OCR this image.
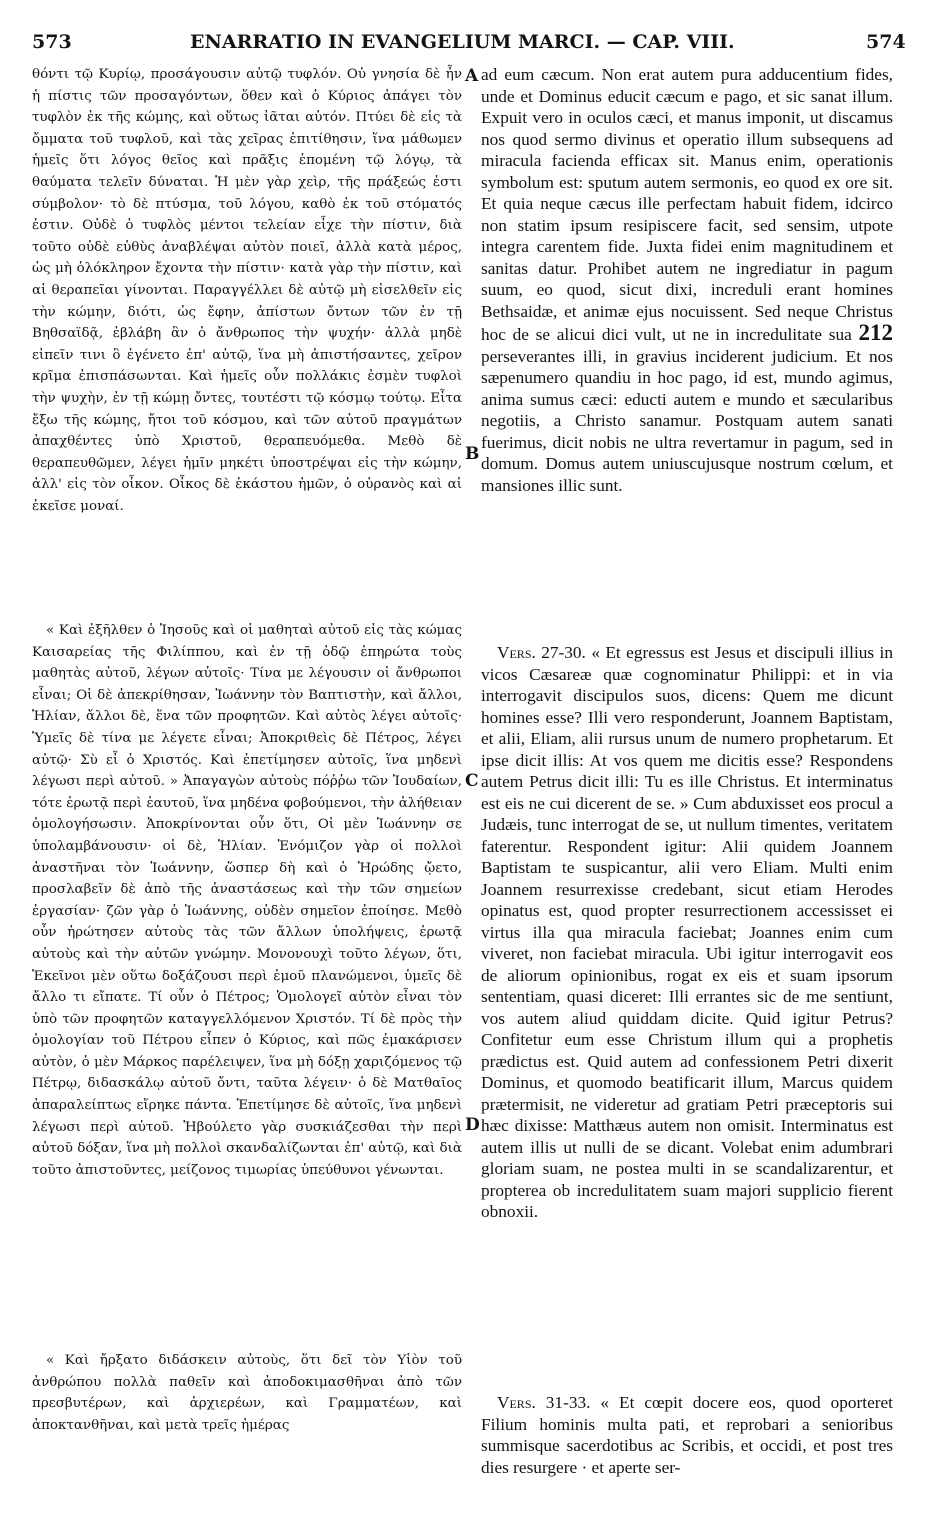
573	ENARRATIO IN EVANGELIUM MARCI. — CAP. VIII.	574

θόντι τῷ Κυρίῳ, προσάγουσιν αὐτῷ τυφλόν. Οὐ γνησία δὲ ἦν ἡ πίστις τῶν προσαγόντων, ὅθεν καὶ ὁ Κύριος ἀπάγει τὸν τυφλὸν ἐκ τῆς κώμης, καὶ οὕτως ἰᾶται αὐτόν. Πτύει δὲ εἰς τὰ ὄμματα τοῦ τυφλοῦ, καὶ τὰς χεῖρας ἐπιτίθησιν, ἵνα μάθωμεν ἡμεῖς ὅτι λόγος θεῖος καὶ πρᾶξις ἑπομένη τῷ λόγῳ, τὰ θαύματα τελεῖν δύναται. Ἡ μὲν γὰρ χεὶρ, τῆς πράξεώς ἐστι σύμβολον· τὸ δὲ πτύσμα, τοῦ λόγου, καθὸ ἐκ τοῦ στόματός ἐστιν. Οὐδὲ ὁ τυφλὸς μέντοι τελείαν εἶχε τὴν πίστιν, διὰ τοῦτο οὐδὲ εὐθὺς ἀναβλέψαι αὐτὸν ποιεῖ, ἀλλὰ κατὰ μέρος, ὡς μὴ ὁλόκληρον ἔχοντα τὴν πίστιν· κατὰ γὰρ τὴν πίστιν, καὶ αἱ θεραπεῖαι γίνονται. Παραγγέλλει δὲ αὐτῷ μὴ εἰσελθεῖν εἰς τὴν κώμην, διότι, ὡς ἔφην, ἀπίστων ὄντων τῶν ἐν τῇ Βηθσαϊδᾷ, ἐβλάβη ἂν ὁ ἄνθρωπος τὴν ψυχήν· ἀλλὰ μηδὲ εἰπεῖν τινι ὃ ἐγένετο ἐπ' αὐτῷ, ἵνα μὴ ἀπιστήσαντες, χεῖρον κρῖμα ἐπισπάσωνται. Καὶ ἡμεῖς οὖν πολλάκις ἐσμὲν τυφλοὶ τὴν ψυχὴν, ἐν τῇ κώμῃ ὄντες, τουτέστι τῷ κόσμῳ τούτῳ. Εἶτα ἔξω τῆς κώμης, ἤτοι τοῦ κόσμου, καὶ τῶν αὐτοῦ πραγμάτων ἀπαχθέντες ὑπὸ Χριστοῦ, θεραπευόμεθα. Μεθὸ δὲ θεραπευθῶμεν, λέγει ἡμῖν μηκέτι ὑποστρέψαι εἰς τὴν κώμην, ἀλλ' εἰς τὸν οἶκον. Οἶκος δὲ ἑκάστου ἡμῶν, ὁ οὐρανὸς καὶ αἱ ἐκεῖσε μοναί.

« Καὶ ἐξῆλθεν ὁ Ἰησοῦς καὶ οἱ μαθηταὶ αὐτοῦ εἰς τὰς κώμας Καισαρείας τῆς Φιλίππου, καὶ ἐν τῇ ὁδῷ ἐπηρώτα τοὺς μαθητὰς αὐτοῦ, λέγων αὐτοῖς· Τίνα με λέγουσιν οἱ ἄνθρωποι εἶναι; Οἱ δὲ ἀπεκρίθησαν, Ἰωάννην τὸν Βαπτιστὴν, καὶ ἄλλοι, Ἠλίαν, ἄλλοι δὲ, ἕνα τῶν προφητῶν. Καὶ αὐτὸς λέγει αὐτοῖς· Ὑμεῖς δὲ τίνα με λέγετε εἶναι; Ἀποκριθεὶς δὲ Πέτρος, λέγει αὐτῷ· Σὺ εἶ ὁ Χριστός. Καὶ ἐπετίμησεν αὐτοῖς, ἵνα μηδενὶ λέγωσι περὶ αὐτοῦ. » Ἀπαγαγὼν αὐτοὺς πόῤῥω τῶν Ἰουδαίων, τότε ἐρωτᾷ περὶ ἑαυτοῦ, ἵνα μηδένα φοβούμενοι, τὴν ἀλήθειαν ὁμολογήσωσιν. Ἀποκρίνονται οὖν ὅτι, Οἱ μὲν Ἰωάννην σε ὑπολαμβάνουσιν· οἱ δὲ, Ἠλίαν. Ἐνόμιζον γὰρ οἱ πολλοὶ ἀναστῆναι τὸν Ἰωάννην, ὥσπερ δὴ καὶ ὁ Ἡρώδης ᾤετο, προσλαβεῖν δὲ ἀπὸ τῆς ἀναστάσεως καὶ τὴν τῶν σημείων ἐργασίαν· ζῶν γὰρ ὁ Ἰωάννης, οὐδὲν σημεῖον ἐποίησε. Μεθὸ οὖν ἠρώτησεν αὐτοὺς τὰς τῶν ἄλλων ὑπολήψεις, ἐρωτᾷ αὐτοὺς καὶ τὴν αὐτῶν γνώμην. Μονονουχὶ τοῦτο λέγων, ὅτι, Ἐκεῖνοι μὲν οὕτω δοξάζουσι περὶ ἐμοῦ πλανώμενοι, ὑμεῖς δὲ ἄλλο τι εἴπατε. Τί οὖν ὁ Πέτρος; Ὁμολογεῖ αὐτὸν εἶναι τὸν ὑπὸ τῶν προφητῶν καταγγελλόμενον Χριστόν. Τί δὲ πρὸς τὴν ὁμολογίαν τοῦ Πέτρου εἶπεν ὁ Κύριος, καὶ πῶς ἐμακάρισεν αὐτὸν, ὁ μὲν Μάρκος παρέλειψεν, ἵνα μὴ δόξῃ χαριζόμενος τῷ Πέτρῳ, διδασκάλῳ αὐτοῦ ὄντι, ταῦτα λέγειν· ὁ δὲ Ματθαῖος ἀπαραλείπτως εἴρηκε πάντα. Ἐπετίμησε δὲ αὐτοῖς, ἵνα μηδενὶ λέγωσι περὶ αὐτοῦ. Ἠβούλετο γὰρ συσκιάζεσθαι τὴν περὶ αὐτοῦ δόξαν, ἵνα μὴ πολλοὶ σκανδαλίζωνται ἐπ' αὐτῷ, καὶ διὰ τοῦτο ἀπιστοῦντες, μείζονος τιμωρίας ὑπεύθυνοι γένωνται.

« Καὶ ἤρξατο διδάσκειν αὐτοὺς, ὅτι δεῖ τὸν Υἱὸν τοῦ ἀνθρώπου πολλὰ παθεῖν καὶ ἀποδοκιμασθῆναι ἀπὸ τῶν πρεσβυτέρων, καὶ ἀρχιερέων, καὶ Γραμματέων, καὶ ἀποκτανθῆναι, καὶ μετὰ τρεῖς ἡμέρας

A
B
C
D

ad eum cæcum. Non erat autem pura adducentium fides, unde et Dominus educit cæcum e pago, et sic sanat illum. Expuit vero in oculos cæci, et manus imponit, ut discamus nos quod sermo divinus et operatio illum subsequens ad miracula facienda efficax sit. Manus enim, operationis symbolum est: sputum autem sermonis, eo quod ex ore sit. Et quia neque cæcus ille perfectam habuit fidem, idcirco non statim ipsum resipiscere facit, sed sensim, utpote integra carentem fide. Juxta fidei enim magnitudinem et sanitas datur. Prohibet autem ne ingrediatur in pagum suum, eo quod, sicut dixi, increduli erant homines Bethsaidæ, et animæ ejus nocuissent. Sed neque Christus hoc de se alicui dici vult, ut ne in incredulitate sua 212 perseverantes illi, in gravius inciderent judicium. Et nos sæpenumero quandiu in hoc pago, id est, mundo agimus, anima sumus cæci: educti autem e mundo et sæcularibus negotiis, a Christo sanamur. Postquam autem sanati fuerimus, dicit nobis ne ultra revertamur in pagum, sed in domum. Domus autem uniuscujusque nostrum cœlum, et mansiones illic sunt.

Vers. 27-30. « Et egressus est Jesus et discipuli illius in vicos Cæsareæ quæ cognominatur Philippi: et in via interrogavit discipulos suos, dicens: Quem me dicunt homines esse? Illi vero responderunt, Joannem Baptistam, et alii, Eliam, alii rursus unum de numero prophetarum. Et ipse dicit illis: At vos quem me dicitis esse? Respondens autem Petrus dicit illi: Tu es ille Christus. Et interminatus est eis ne cui dicerent de se. » Cum abduxisset eos procul a Judæis, tunc interrogat de se, ut nullum timentes, veritatem faterentur. Respondent igitur: Alii quidem Joannem Baptistam te suspicantur, alii vero Eliam. Multi enim Joannem resurrexisse credebant, sicut etiam Herodes opinatus est, quod propter resurrectionem accessisset ei virtus illa qua miracula faciebat; Joannes enim cum viveret, non faciebat miracula. Ubi igitur interrogavit eos de aliorum opinionibus, rogat ex eis et suam ipsorum sententiam, quasi diceret: Illi errantes sic de me sentiunt, vos autem aliud quiddam dicite. Quid igitur Petrus? Confitetur eum esse Christum illum qui a prophetis prædictus est. Quid autem ad confessionem Petri dixerit Dominus, et quomodo beatificarit illum, Marcus quidem prætermisit, ne videretur ad gratiam Petri præceptoris sui hæc dixisse: Matthæus autem non omisit. Interminatus est autem illis ut nulli de se dicant. Volebat enim adumbrari gloriam suam, ne postea multi in se scandalizarentur, et propterea ob incredulitatem suam majori supplicio fierent obnoxii.

Vers. 31-33. « Et cœpit docere eos, quod oporteret Filium hominis multa pati, et reprobari a senioribus summisque sacerdotibus ac Scribis, et occidi, et post tres dies resurgere · et aperte ser-
